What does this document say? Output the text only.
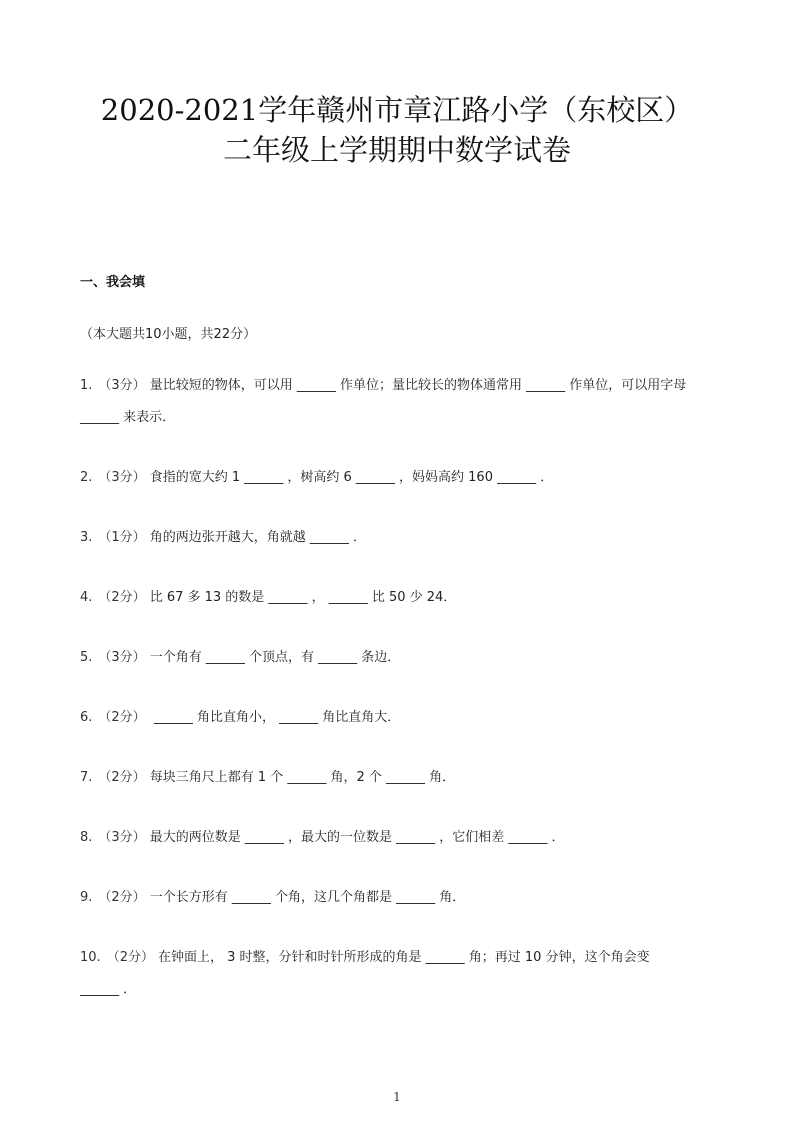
2020-2021学年赣州市章江路小学（东校区）
二年级上学期期中数学试卷
一、我会填
（本大题共10小题，共22分）
1. （3分） 量比较短的物体，可以用 ______ 作单位；量比较长的物体通常用 ______ 作单位，可以用字母 ______ 来表示．
2. （3分） 食指的宽大约 1 ______ ，树高约 6 ______ ，妈妈高约 160 ______ ．
3. （1分） 角的两边张开越大，角就越 ______ ．
4. （2分） 比 67 多 13 的数是 ______ ， ______ 比 50 少 24．
5. （3分） 一个角有 ______ 个顶点，有 ______ 条边．
6. （2分） ______ 角比直角小， ______ 角比直角大．
7. （2分） 每块三角尺上都有 1 个 ______ 角，2 个 ______ 角．
8. （3分） 最大的两位数是 ______ ，最大的一位数是 ______ ，它们相差 ______ ．
9. （2分） 一个长方形有 ______ 个角，这几个角都是 ______ 角．
10. （2分） 在钟面上， 3 时整，分针和时针所形成的角是 ______ 角；再过 10 分钟，这个角会变 ______ ．
1
